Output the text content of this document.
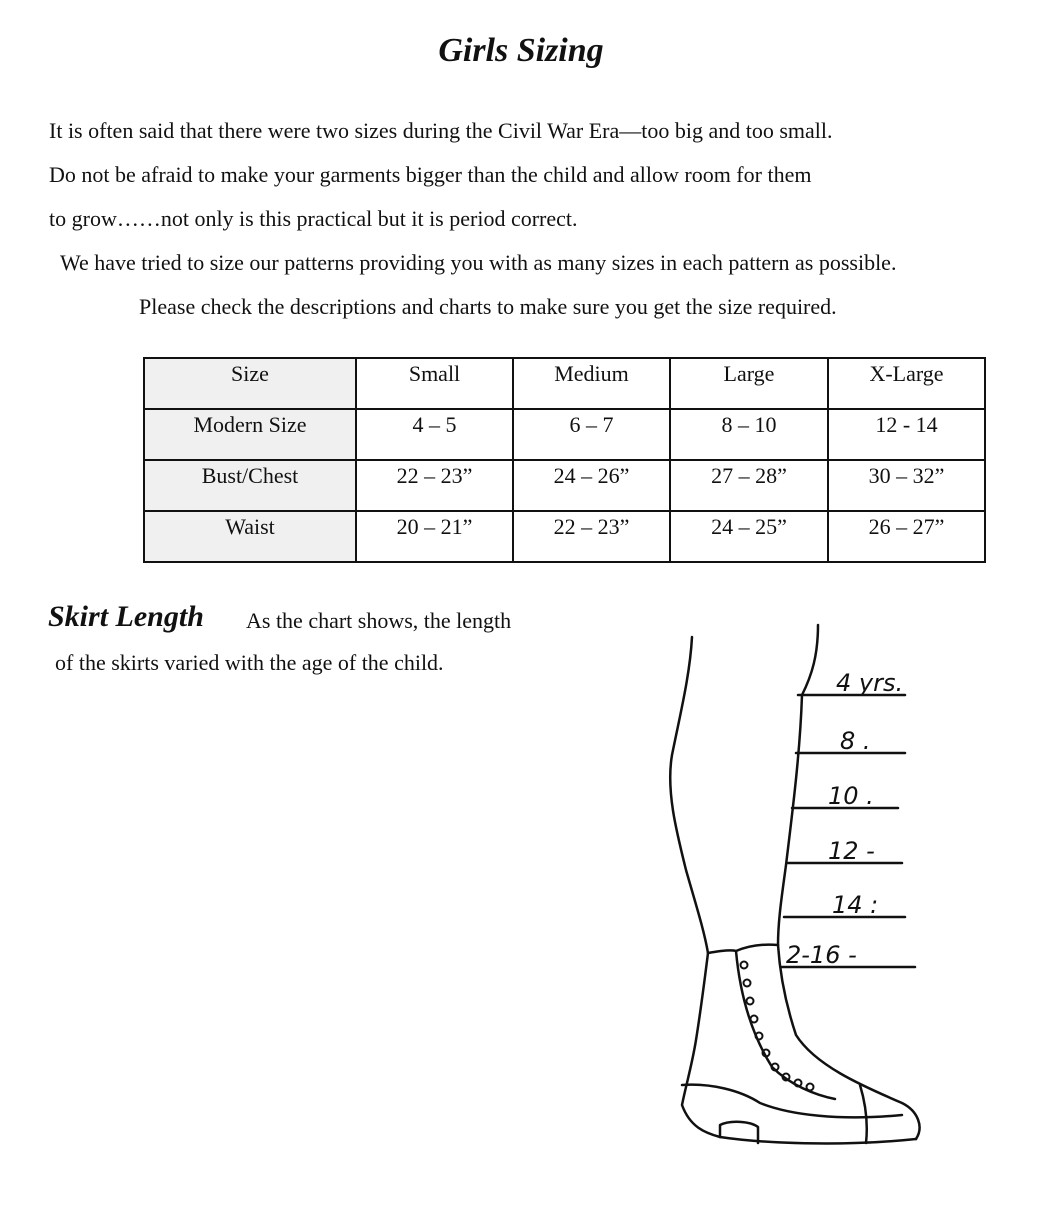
Girls Sizing

It is often said that there were two sizes during the Civil War Era—too big and too small.

Do not be afraid to make your garments bigger than the child and allow room for them

to grow……not only is this practical but it is period correct.

We have tried to size our patterns providing you with as many sizes in each pattern as possible.

Please check the descriptions and charts to make sure you get the size required.

Size	Small	Medium	Large	X-Large
Modern Size	4 – 5	6 – 7	8 – 10	12 - 14
Bust/Chest	22 – 23”	24 – 26”	27 – 28”	30 – 32”
Waist	20 – 21”	22 – 23”	24 – 25”	26 – 27”
Skirt Length As the chart shows, the length
of the skirts varied with the age of the child.
4 yrs.
8 .
10 .
12 -
14 :
2-16 -
